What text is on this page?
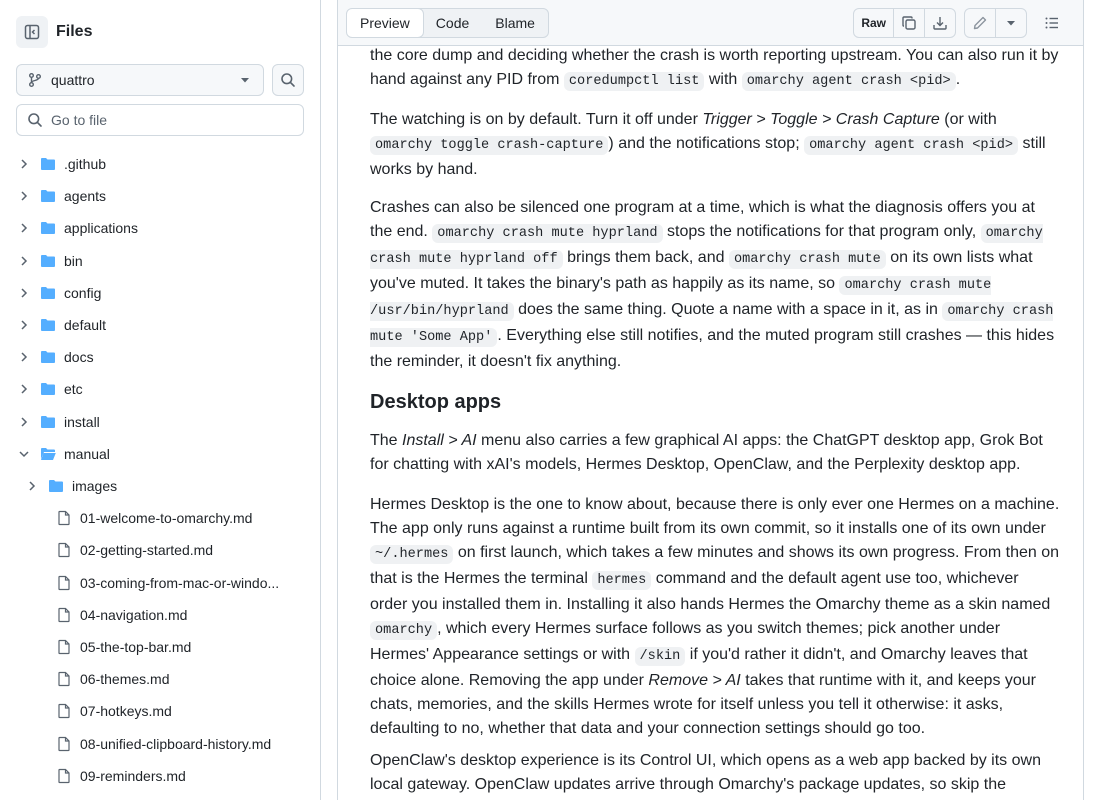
Files
quattro
Go to file
.github
agents
applications
bin
config
default
docs
etc
install
manual
images
01-welcome-to-omarchy.md
02-getting-started.md
03-coming-from-mac-or-windo...
04-navigation.md
05-the-top-bar.md
06-themes.md
07-hotkeys.md
08-unified-clipboard-history.md
09-reminders.md
Preview	Code	Blame	Raw

the core dump and deciding whether the crash is worth reporting upstream. You can also run it by hand against any PID from coredumpctl list with omarchy agent crash <pid> .

The watching is on by default. Turn it off under Trigger > Toggle > Crash Capture (or with omarchy toggle crash-capture ) and the notifications stop; omarchy agent crash <pid> still works by hand.

Crashes can also be silenced one program at a time, which is what the diagnosis offers you at the end. omarchy crash mute hyprland stops the notifications for that program only, omarchy crash mute hyprland off brings them back, and omarchy crash mute on its own lists what you've muted. It takes the binary's path as happily as its name, so omarchy crash mute /usr/bin/hyprland does the same thing. Quote a name with a space in it, as in omarchy crash mute 'Some App' . Everything else still notifies, and the muted program still crashes — this hides the reminder, it doesn't fix anything.

Desktop apps

The Install > AI menu also carries a few graphical AI apps: the ChatGPT desktop app, Grok Bot for chatting with xAI's models, Hermes Desktop, OpenClaw, and the Perplexity desktop app.

Hermes Desktop is the one to know about, because there is only ever one Hermes on a machine. The app only runs against a runtime built from its own commit, so it installs one of its own under ~/.hermes on first launch, which takes a few minutes and shows its own progress. From then on that is the Hermes the terminal hermes command and the default agent use too, whichever order you installed them in. Installing it also hands Hermes the Omarchy theme as a skin named omarchy , which every Hermes surface follows as you switch themes; pick another under Hermes' Appearance settings or with /skin if you'd rather it didn't, and Omarchy leaves that choice alone. Removing the app under Remove > AI takes that runtime with it, and keeps your chats, memories, and the skills Hermes wrote for itself unless you tell it otherwise: it asks, defaulting to no, whether that data and your connection settings should go too.

OpenClaw's desktop experience is its Control UI, which opens as a web app backed by its own local gateway. OpenClaw updates arrive through Omarchy's package updates, so skip the
